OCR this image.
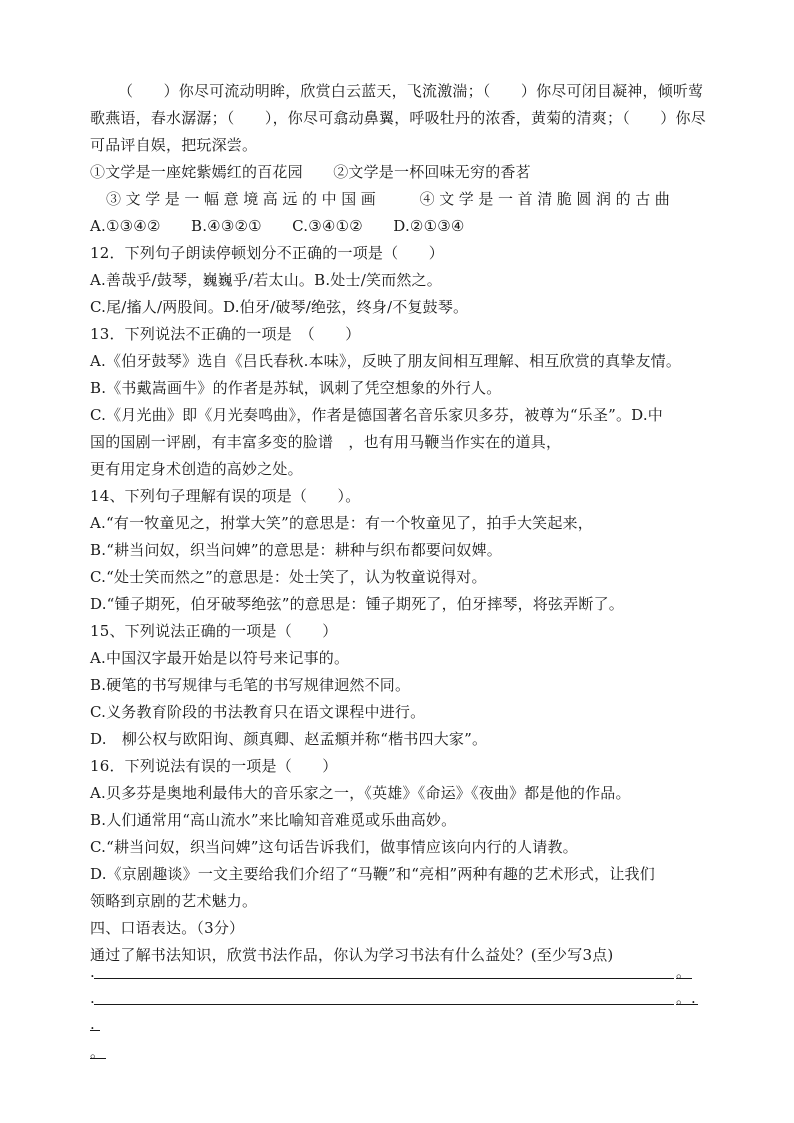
（　　）你尽可流动明眸，欣赏白云蓝天，飞流激湍；（　　）你尽可闭目凝神，倾听莺
歌燕语，春水潺潺；（　　），你尽可翕动鼻翼，呼吸牡丹的浓香，黄菊的清爽；（　　）你尽
可品评自娱，把玩深尝。
①文学是一座姹紫嫣红的百花园　　②文学是一杯回味无穷的香茗
③文学是一幅意境高远的中国画　　④文学是一首清脆圆润的古曲
A.①③④②　　B.④③②①　　C.③④①②　　D.②①③④
12．下列句子朗读停顿划分不正确的一项是（　　）
A.善哉乎/鼓琴，巍巍乎/若太山。B.处士/笑而然之。
C.尾/搐人/两股间。D.伯牙/破琴/绝弦，终身/不复鼓琴。
13．下列说法不正确的一项是　（　　）
A.《伯牙鼓琴》选自《吕氏春秋.本味》，反映了朋友间相互理解、相互欣赏的真挚友情。
B.《书戴嵩画牛》的作者是苏轼，讽刺了凭空想象的外行人。
C.《月光曲》即《月光奏鸣曲》，作者是德国著名音乐家贝多芬，被尊为“乐圣”。D.中
国的国剧一评剧，有丰富多变的脸谱　，也有用马鞭当作实在的道具，
更有用定身术创造的高妙之处。
14、下列句子理解有误的项是（　　）。
A.“有一牧童见之，拊掌大笑”的意思是：有一个牧童见了，拍手大笑起来，
B.“耕当问奴，织当问婢”的意思是：耕种与织布都要问奴婢。
C.“处士笑而然之”的意思是：处士笑了，认为牧童说得对。
D.“锺子期死，伯牙破琴绝弦”的意思是：锺子期死了，伯牙摔琴，将弦弄断了。
15、下列说法正确的一项是（　　）
A.中国汉字最开始是以符号来记事的。
B.硬笔的书写规律与毛笔的书写规律迥然不同。
C.义务教育阶段的书法教育只在语文课程中进行。
D.　柳公权与欧阳询、颜真卿、赵孟頫并称“楷书四大家”。
16．下列说法有误的一项是（　　）
A.贝多芬是奥地利最伟大的音乐家之一，《英雄》《命运》《夜曲》都是他的作品。
B.人们通常用“高山流水”来比喻知音难觅或乐曲高妙。
C.“耕当问奴，织当问婢”这句话告诉我们，做事情应该向内行的人请教。
D.《京剧趣谈》一文主要给我们介绍了“马鞭”和“亮相”两种有趣的艺术形式，让我们
领略到京剧的艺术魅力。
四、口语表达。（3分）
通过了解书法知识，欣赏书法作品，你认为学习书法有什么益处？(至少写3点)
.	。
.	。.
.
。
